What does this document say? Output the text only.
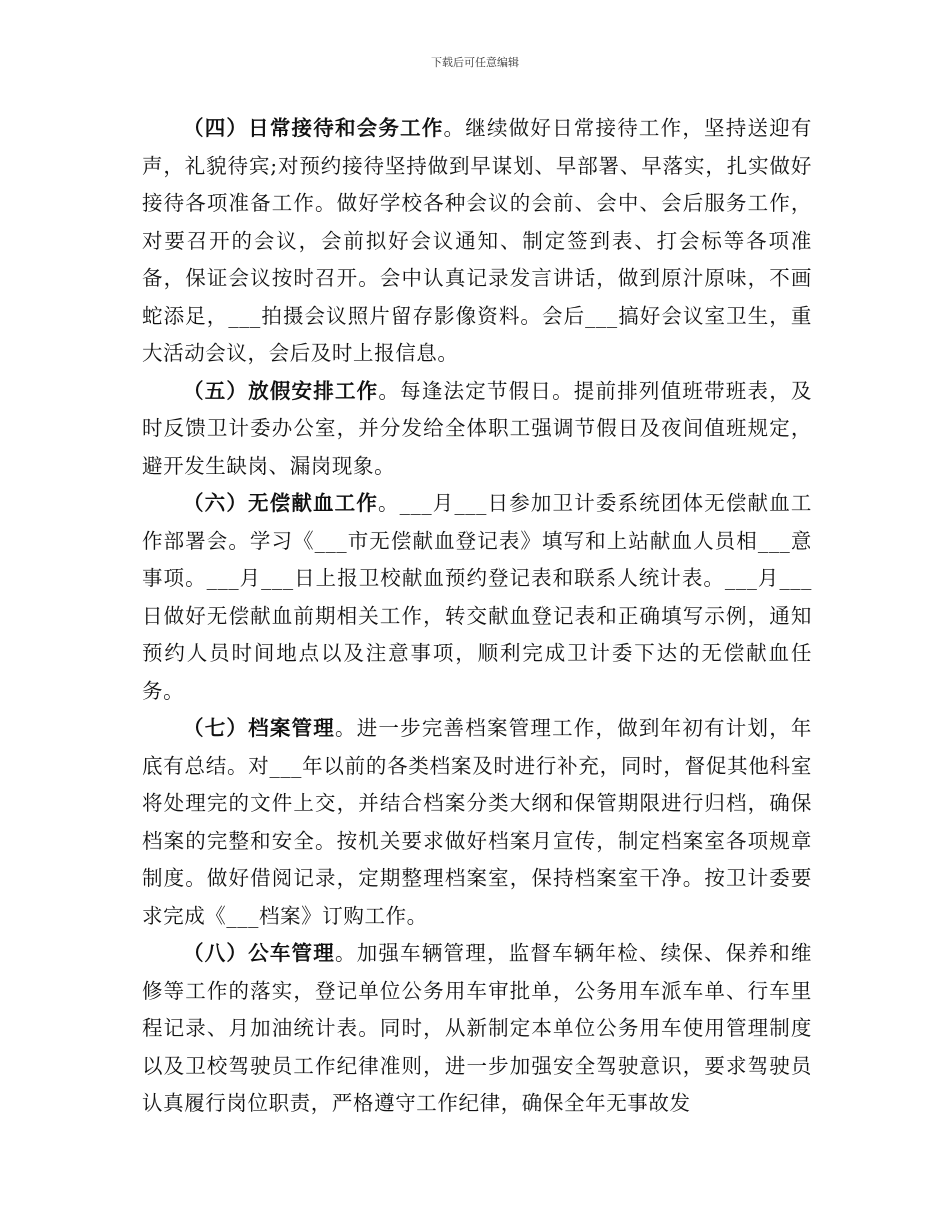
下载后可任意编辑

（四）日常接待和会务工作。继续做好日常接待工作，坚持送迎有声，礼貌待宾;对预约接待坚持做到早谋划、早部署、早落实，扎实做好接待各项准备工作。做好学校各种会议的会前、会中、会后服务工作，对要召开的会议，会前拟好会议通知、制定签到表、打会标等各项准备，保证会议按时召开。会中认真记录发言讲话，做到原汁原味，不画蛇添足，___拍摄会议照片留存影像资料。会后___搞好会议室卫生，重大活动会议，会后及时上报信息。

（五）放假安排工作。每逢法定节假日。提前排列值班带班表，及时反馈卫计委办公室，并分发给全体职工强调节假日及夜间值班规定，避开发生缺岗、漏岗现象。

（六）无偿献血工作。___月___日参加卫计委系统团体无偿献血工作部署会。学习《___市无偿献血登记表》填写和上站献血人员相___意事项。___月___日上报卫校献血预约登记表和联系人统计表。___月___日做好无偿献血前期相关工作，转交献血登记表和正确填写示例，通知预约人员时间地点以及注意事项，顺利完成卫计委下达的无偿献血任务。

（七）档案管理。进一步完善档案管理工作，做到年初有计划，年底有总结。对___年以前的各类档案及时进行补充，同时，督促其他科室将处理完的文件上交，并结合档案分类大纲和保管期限进行归档，确保档案的完整和安全。按机关要求做好档案月宣传，制定档案室各项规章制度。做好借阅记录，定期整理档案室，保持档案室干净。按卫计委要求完成《___档案》订购工作。

（八）公车管理。加强车辆管理，监督车辆年检、续保、保养和维修等工作的落实，登记单位公务用车审批单，公务用车派车单、行车里程记录、月加油统计表。同时，从新制定本单位公务用车使用管理制度以及卫校驾驶员工作纪律准则，进一步加强安全驾驶意识，要求驾驶员认真履行岗位职责，严格遵守工作纪律，确保全年无事故发
